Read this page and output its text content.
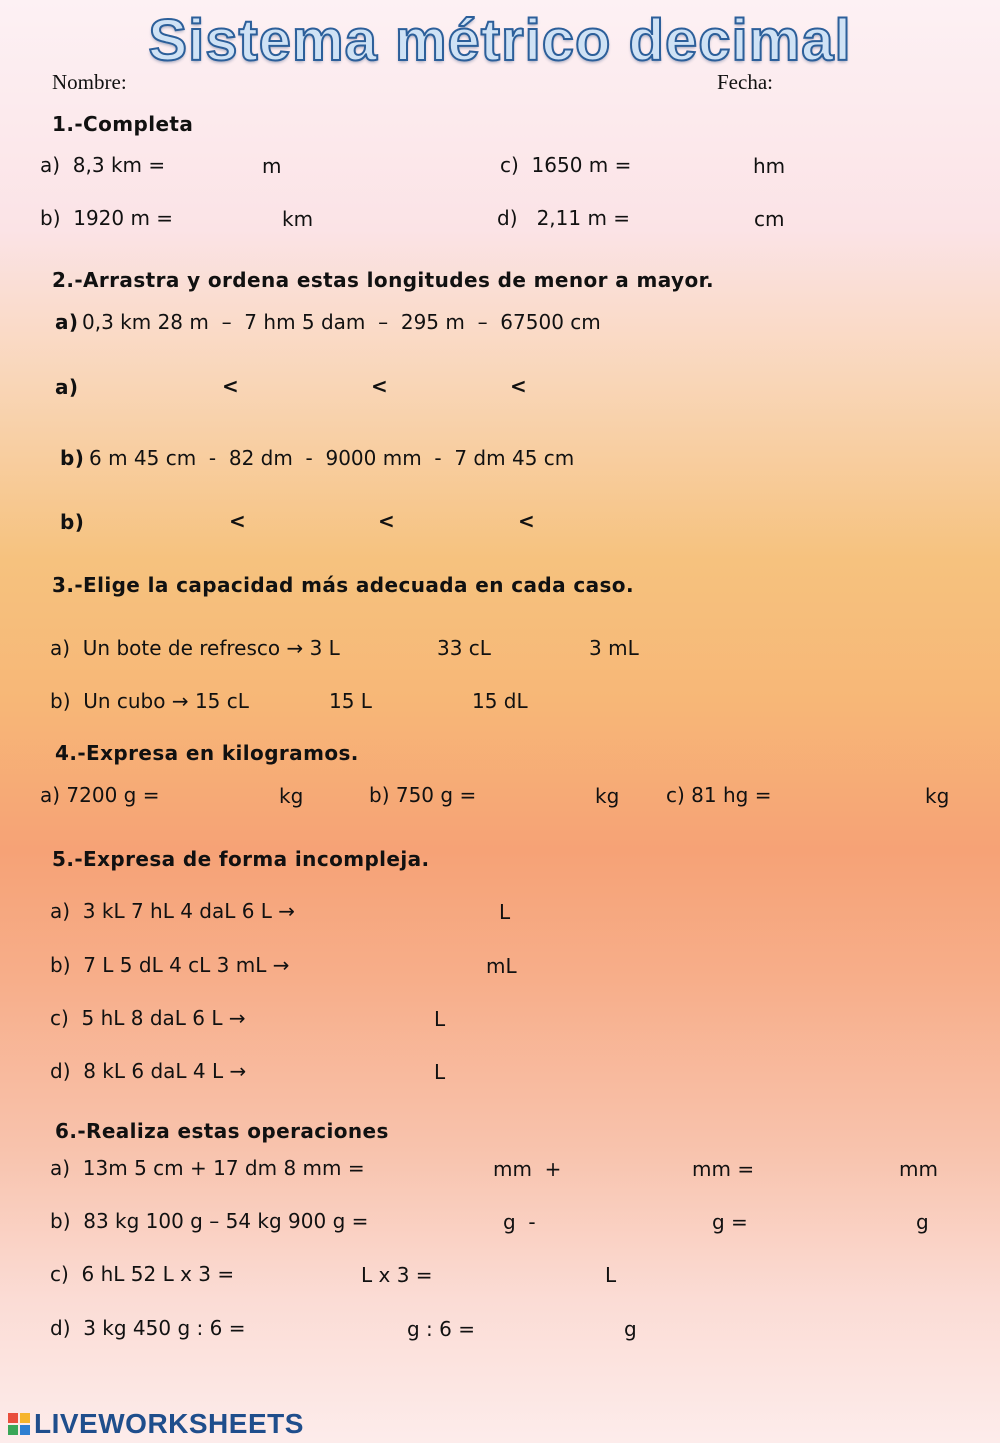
Sistema métrico decimal
Nombre:	Fecha:
1.-Completa
a)  8,3 km =	m	c)  1650 m =	hm
b)  1920 m =	km	d)   2,11 m =	cm
2.-Arrastra y ordena estas longitudes de menor a mayor.
a) 0,3 km 28 m  –  7 hm 5 dam  –  295 m  –  67500 cm
a)	<	<	<
b) 6 m 45 cm  -  82 dm  -  9000 mm  -  7 dm 45 cm
b)	<	<	<
3.-Elige la capacidad más adecuada en cada caso.
a)  Un bote de refresco → 3 L	33 cL	3 mL
b)  Un cubo → 15 cL	15 L	15 dL
4.-Expresa en kilogramos.
a) 7200 g =	kg	b) 750 g =	kg c) 81 hg =	kg
5.-Expresa de forma incompleja.
a)  3 kL 7 hL 4 daL 6 L →	L
b)  7 L 5 dL 4 cL 3 mL →	mL
c)  5 hL 8 daL 6 L →	L
d)  8 kL 6 daL 4 L →	L
6.-Realiza estas operaciones
a)  13m 5 cm + 17 dm 8 mm =	mm  +	mm =	mm
b)  83 kg 100 g – 54 kg 900 g =	g  -	g =	g
c)  6 hL 52 L x 3 =	L x 3 =	L
d)  3 kg 450 g : 6 =	g : 6 =	g
LIVEWORKSHEETS
